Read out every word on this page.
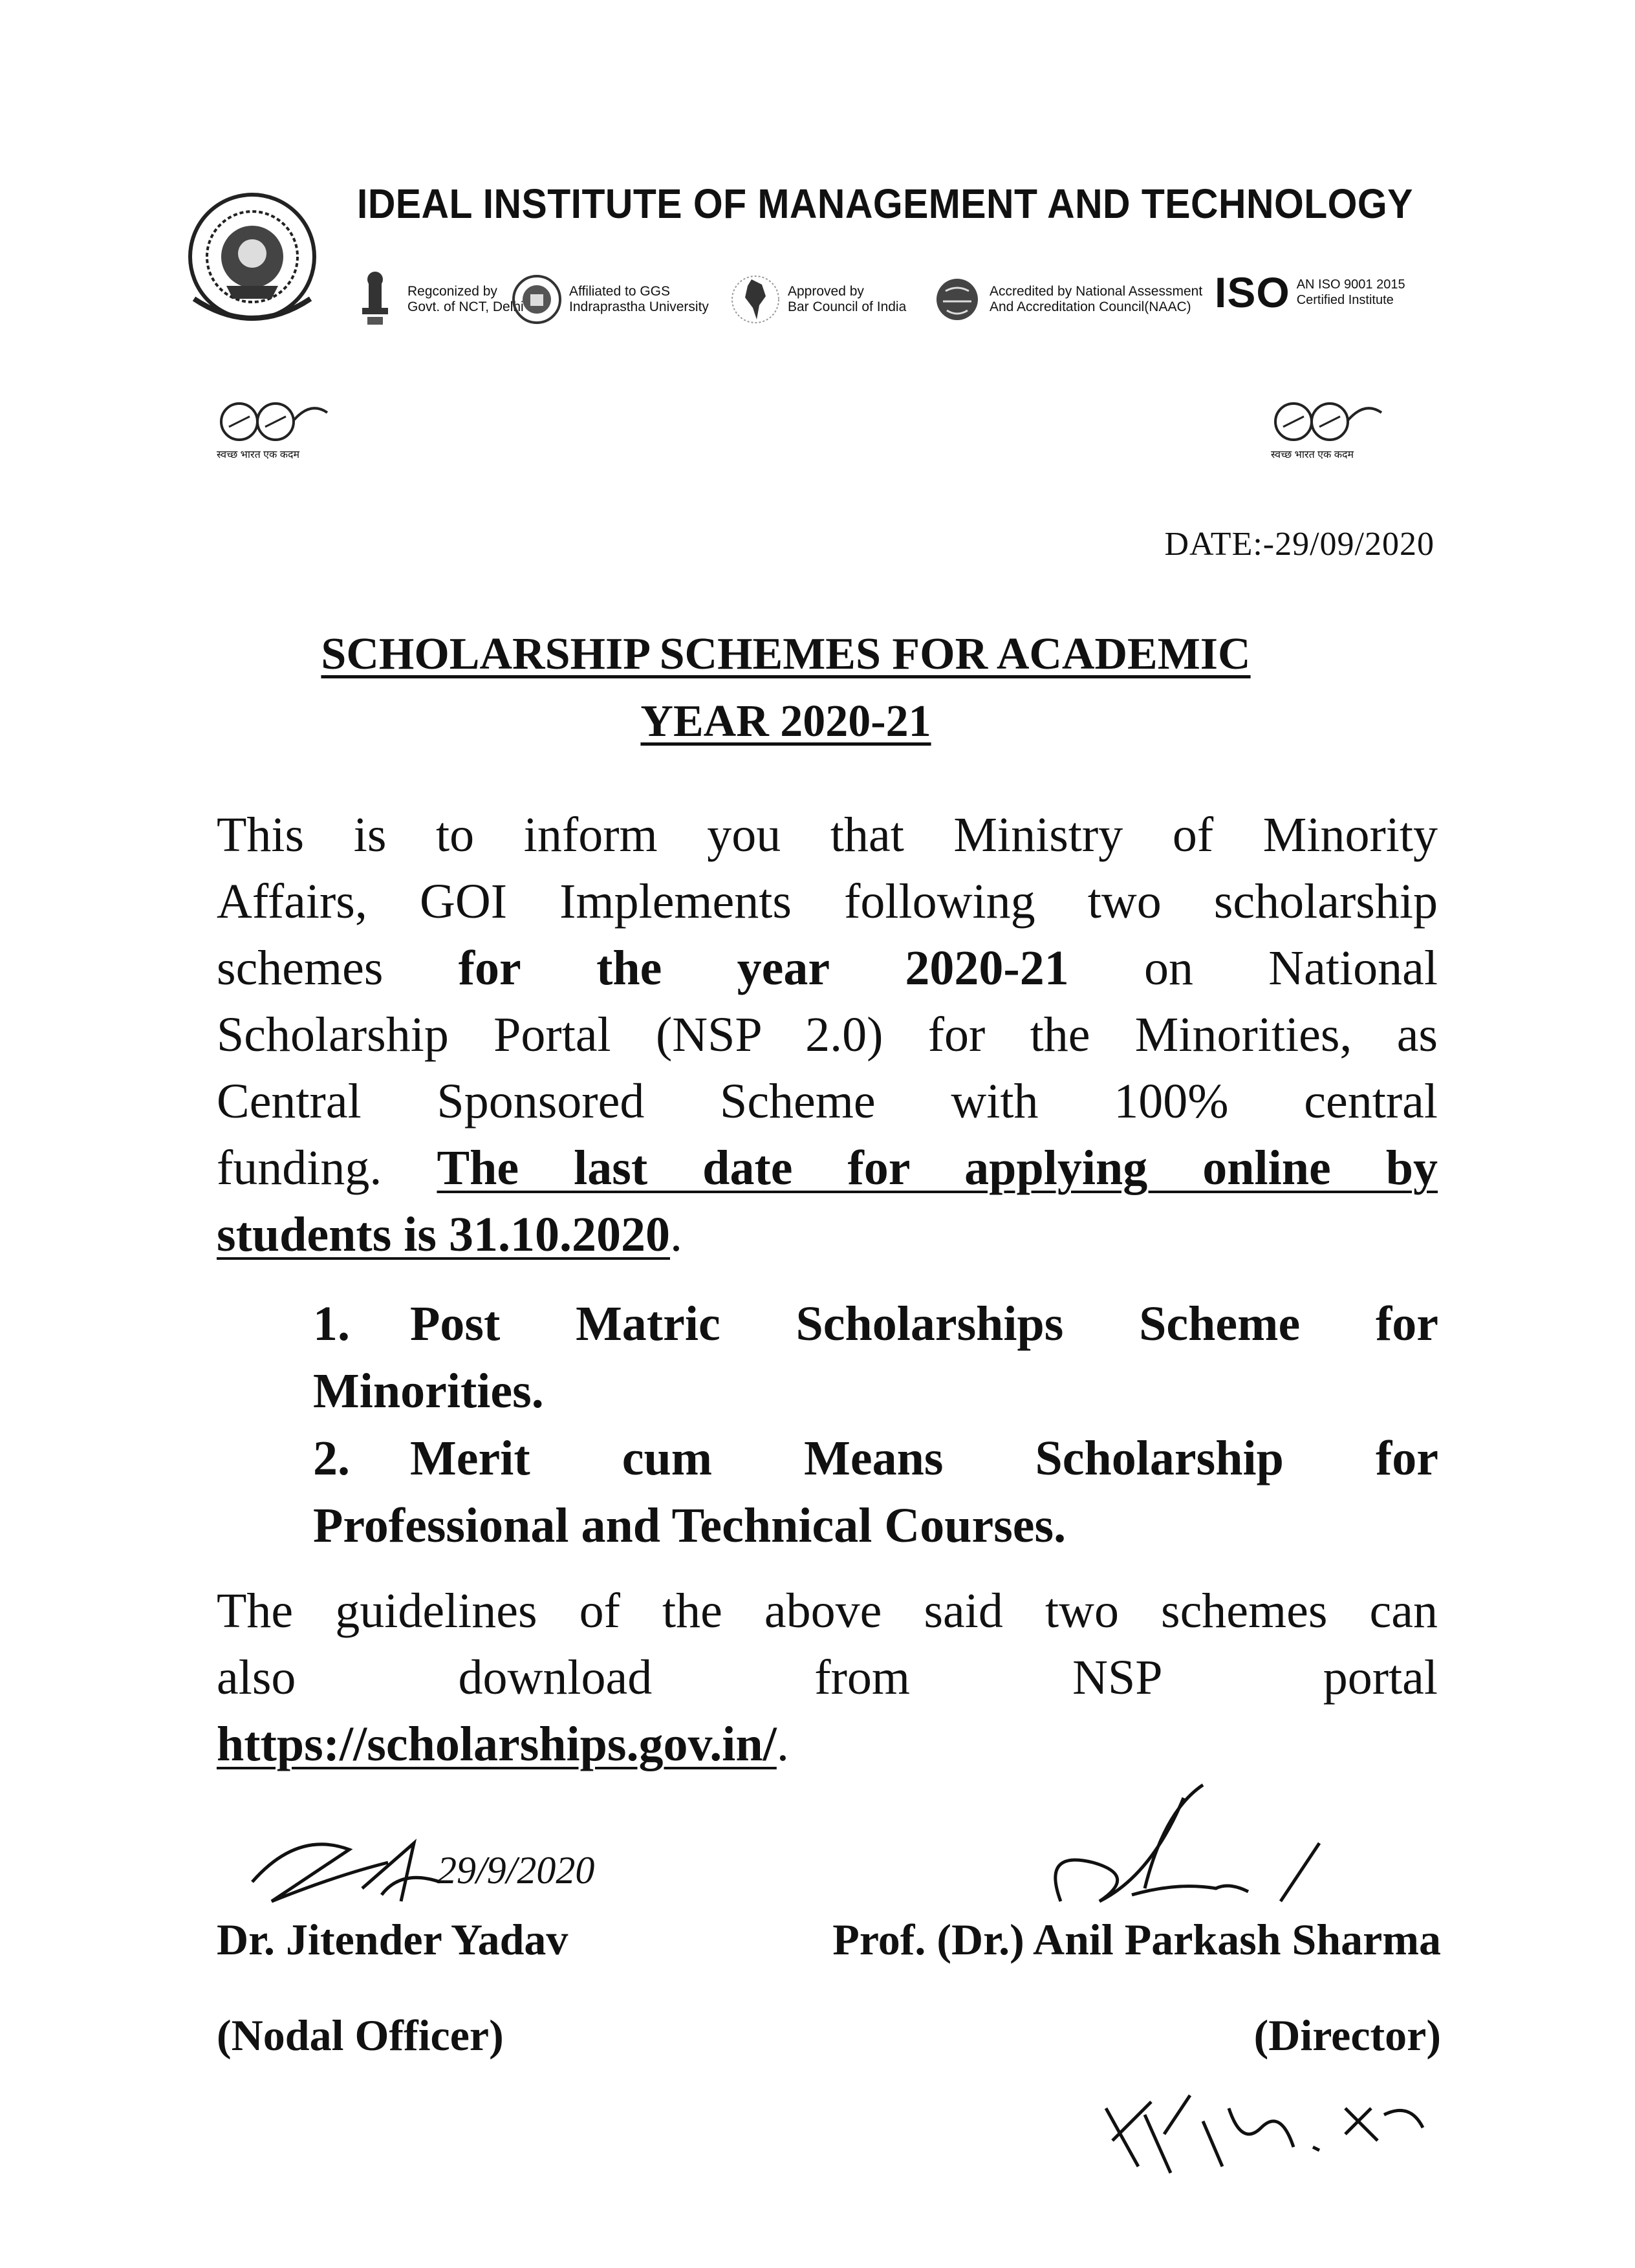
IDEAL INSTITUTE OF MANAGEMENT AND TECHNOLOGY
Regconized by
Govt. of NCT, Delhi
Affiliated to GGS
Indraprastha University
Approved by
Bar Council of India
Accredited by National Assessment
And Accreditation Council(NAAC) ISO AN ISO 9001 2015
Certified Institute
स्वच्छ भारत एक कदम	स्वच्छ भारत एक कदम
DATE:-29/09/2020
SCHOLARSHIP SCHEMES FOR ACADEMIC
YEAR 2020-21
This is to inform you that Ministry of Minority
Affairs, GOI Implements following two scholarship
schemes for the year 2020-21 on National
Scholarship Portal (NSP 2.0) for the Minorities, as
Central Sponsored Scheme with 100% central
funding. The last date for applying online by
students is 31.10.2020.
1.	Post Matric Scholarships Scheme for
Minorities.
2.	Merit cum Means Scholarship for
Professional and Technical Courses.
The guidelines of the above said two schemes can
also download from NSP portal
https://scholarships.gov.in/.
29/9/2020
Dr. Jitender Yadav	Prof. (Dr.) Anil Parkash Sharma
(Nodal Officer)	(Director)
